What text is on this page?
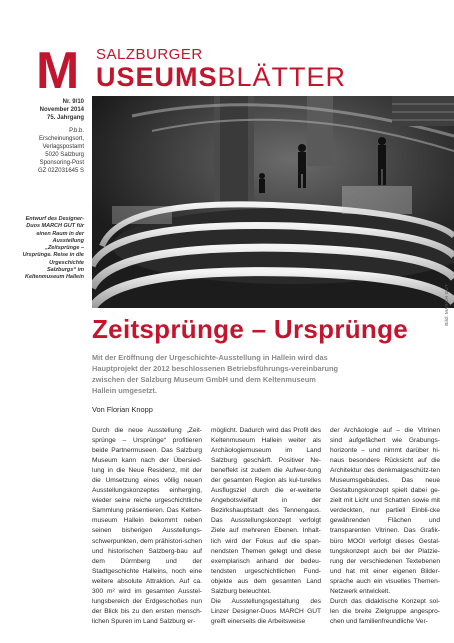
SALZBURGER
M USEUMSBLÄTTER
Nr. 9/10
November 2014
75. Jahrgang
P.b.b.
Erscheinungsort,
Verlagspostamt
5020 Salzburg
Sponsoring-Post
GZ 02Z031645 S
Entwurf des Designer-Duos MARCH GUT für einen Raum in der Ausstellung „Zeitsprünge – Ursprünge. Reise in die Urgeschichte Salzburgs“ im Keltenmuseum Hallein
Bild: MARCH GUT
Zeitsprünge – Ursprünge
Mit der Eröffnung der Urgeschichte-Ausstellung in Hallein wird das Hauptprojekt der 2012 beschlossenen Betriebsführungs-vereinbarung zwischen der Salzburg Museum GmbH und dem Keltenmuseum Hallein umgesetzt.
Von Florian Knopp
Durch die neue Ausstellung „Zeit-sprünge – Ursprünge“ profitieren beide Partnermuseen. Das Salzburg Museum kann nach der Übersied-lung in die Neue Residenz, mit der die Umsetzung eines völlig neuen Ausstellungskonzeptes einherging, wieder seine reiche urgeschichtliche Sammlung präsentieren. Das Kelten-museum Hallein bekommt neben seinen bisherigen Ausstellungs-schwerpunkten, dem prähistori-schen und historischen Salzberg-bau auf dem Dürrnberg und der Stadtgeschichte Halleins, noch eine weitere absolute Attraktion. Auf ca. 300 m² wird im gesamten Ausstel-lungsbereich der Erdgeschoßes nun der Blick bis zu den ersten mensch-lichen Spuren im Land Salzburg er-
möglicht. Dadurch wird das Profil des Keltenmuseum Hallein weiter als Archäologiemuseum im Land Salzburg geschärft. Positiver Ne-beneffekt ist zudem die Aufwer-tung der gesamten Region als kul-turelles Ausflugsziel durch die er-weiterte Angebotsvielfalt in der Bezirkshauptstadt des Tennengaus. Das Ausstellungskonzept verfolgt Ziele auf mehreren Ebenen. Inhalt-lich wird der Fokus auf die span-nendsten Themen gelegt und diese exemplarisch anhand der bedeu-tendsten urgeschichtlichen Fund-objekte aus dem gesamten Land Salzburg beleuchtet.
Die Ausstellungsgestaltung des Linzer Designer-Duos MARCH GUT greift einerseits die Arbeitsweise
der Archäologie auf – die Vitrinen sind aufgefächert wie Grabungs-horizonte – und nimmt darüber hi-naus besondere Rücksicht auf die Architektur des denkmalgeschütz-ten Museumsgebäudes. Das neue Gestaltungskonzept spielt dabei ge-zielt mit Licht und Schatten sowie mit verdeckten, nur partiell Einbli-cke gewährenden Flächen und transparenten Vitrinen. Das Grafik-büro MOOI verfolgt dieses Gestal-tungskonzept auch bei der Platzie-rung der verschiedenen Textebenen und hat mit einer eigenen Bilder-sprache auch ein visuelles Themen-Netzwerk entwickelt.
Durch das didaktische Konzept sol-len die breite Zielgruppe angespro-chen und familienfreundliche Ver-
